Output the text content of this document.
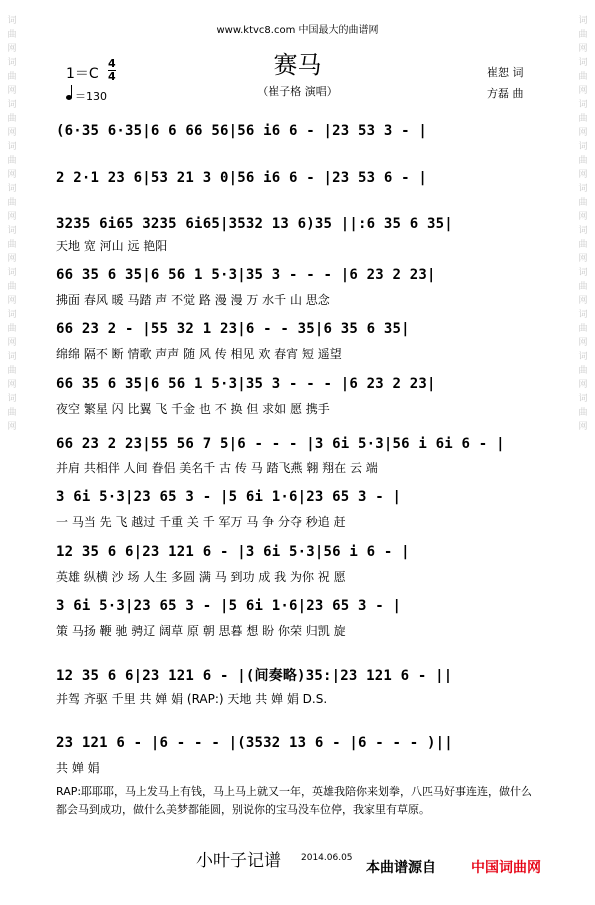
词曲网词曲网词曲网词曲网词曲网词曲网词曲网词曲网词曲网词曲网
词曲网词曲网词曲网词曲网词曲网词曲网词曲网词曲网词曲网词曲网
www.ktvc8.com 中国最大的曲谱网
赛马
（崔子格 演唱）
$1=C \frac{4}{4}$
＝130
崔恕 词
方磊 曲
(6·35 6·35|6 6 66 56|56 i6 6 - |23 53 3 - |
2 2·1 23 6|53 21 3 0|56 i6 6 - |23 53 6 - |
3235 6i65 3235 6i65|3532 13 6)35 ||:6 35 6 35|
天地 宽 河山 远 艳阳
66 35 6 35|6 56 1 5·3|35 3 - - - |6 23 2 23|
拂面 春风 暖 马踏 声 不觉 路 漫 漫 万 水千 山 思念
66 23 2 - |55 32 1 23|6 - - 35|6 35 6 35|
绵绵 隔不 断 情歌 声声 随 风 传 相见 欢 春宵 短 遥望
66 35 6 35|6 56 1 5·3|35 3 - - - |6 23 2 23|
夜空 繁星 闪 比翼 飞 千金 也 不 换 但 求如 愿 携手
66 23 2 23|55 56 7 5|6 - - - |3 6i 5·3|56 i 6i 6 - |
并肩 共相伴 人间 眷侣 美名千 古 传 马 踏飞燕 翱 翔在 云 端
3 6i 5·3|23 65 3 - |5 6i 1·6|23 65 3 - |
一 马当 先 飞 越过 千重 关 千 军万 马 争 分夺 秒追 赶
12 35 6 6|23 121 6 - |3 6i 5·3|56 i 6 - |
英雄 纵横 沙 场 人生 多圆 满 马 到功 成 我 为你 祝 愿
3 6i 5·3|23 65 3 - |5 6i 1·6|23 65 3 - |
策 马扬 鞭 驰 骋辽 阔草 原 朝 思暮 想 盼 你荣 归凯 旋
12 35 6 6|23 121 6 - |(间奏略)35:|23 121 6 - ||
并驾 齐驱 千里 共 婵 娟 (RAP:) 天地 共 婵 娟 D.S.
23 121 6 - |6 - - - |(3532 13 6 - |6 - - - )||
共 婵 娟
RAP:耶耶耶，马上发马上有钱，马上马上就又一年，英雄我陪你来划拳，八匹马好事连连，做什么都会马到成功，做什么美梦都能圆，别说你的宝马没车位停，我家里有草原。
小叶子记谱 2014.06.05
本曲谱源自	中国词曲网
